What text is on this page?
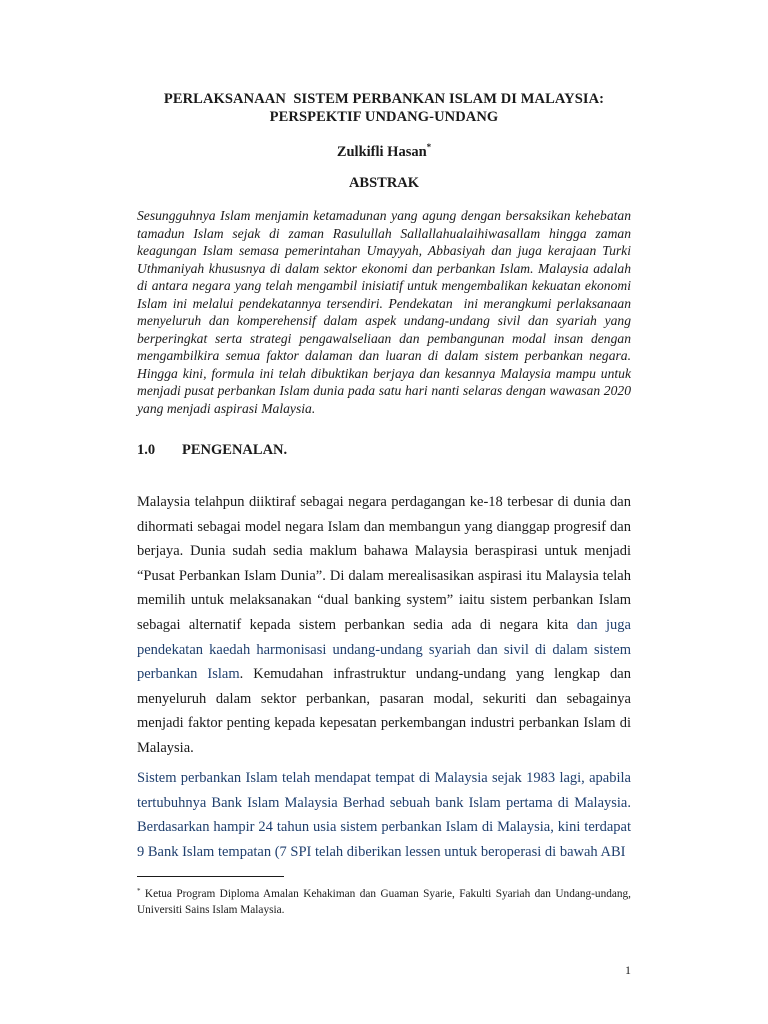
PERLAKSANAAN  SISTEM PERBANKAN ISLAM DI MALAYSIA:
PERSPEKTIF UNDANG-UNDANG
Zulkifli Hasan*
ABSTRAK

Sesungguhnya Islam menjamin ketamadunan yang agung dengan bersaksikan kehebatan tamadun Islam sejak di zaman Rasulullah Sallallahualaihiwasallam hingga zaman keagungan Islam semasa pemerintahan Umayyah, Abbasiyah dan juga kerajaan Turki Uthmaniyah khususnya di dalam sektor ekonomi dan perbankan Islam. Malaysia adalah di antara negara yang telah mengambil inisiatif untuk mengembalikan kekuatan ekonomi Islam ini melalui pendekatannya tersendiri. Pendekatan  ini merangkumi perlaksanaan menyeluruh dan komperehensif dalam aspek undang-undang sivil dan syariah yang berperingkat serta strategi pengawalseliaan dan pembangunan modal insan dengan mengambilkira semua faktor dalaman dan luaran di dalam sistem perbankan negara. Hingga kini, formula ini telah dibuktikan berjaya dan kesannya Malaysia mampu untuk menjadi pusat perbankan Islam dunia pada satu hari nanti selaras dengan wawasan 2020 yang menjadi aspirasi Malaysia.

1.0 PENGENALAN.

Malaysia telahpun diiktiraf sebagai negara perdagangan ke-18 terbesar di dunia dan dihormati sebagai model negara Islam dan membangun yang dianggap progresif dan berjaya. Dunia sudah sedia maklum bahawa Malaysia beraspirasi untuk menjadi “Pusat Perbankan Islam Dunia”. Di dalam merealisasikan aspirasi itu Malaysia telah memilih untuk melaksanakan “dual banking system” iaitu sistem perbankan Islam sebagai alternatif kepada sistem perbankan sedia ada di negara kita dan juga pendekatan kaedah harmonisasi undang-undang syariah dan sivil di dalam sistem perbankan Islam. Kemudahan infrastruktur undang-undang yang lengkap dan menyeluruh dalam sektor perbankan, pasaran modal, sekuriti dan sebagainya menjadi faktor penting kepada kepesatan perkembangan industri perbankan Islam di Malaysia.

Sistem perbankan Islam telah mendapat tempat di Malaysia sejak 1983 lagi, apabila tertubuhnya Bank Islam Malaysia Berhad sebuah bank Islam pertama di Malaysia. Berdasarkan hampir 24 tahun usia sistem perbankan Islam di Malaysia, kini terdapat 9 Bank Islam tempatan (7 SPI telah diberikan lessen untuk beroperasi di bawah ABI

* Ketua Program Diploma Amalan Kehakiman dan Guaman Syarie, Fakulti Syariah dan Undang-undang, Universiti Sains Islam Malaysia.

1
